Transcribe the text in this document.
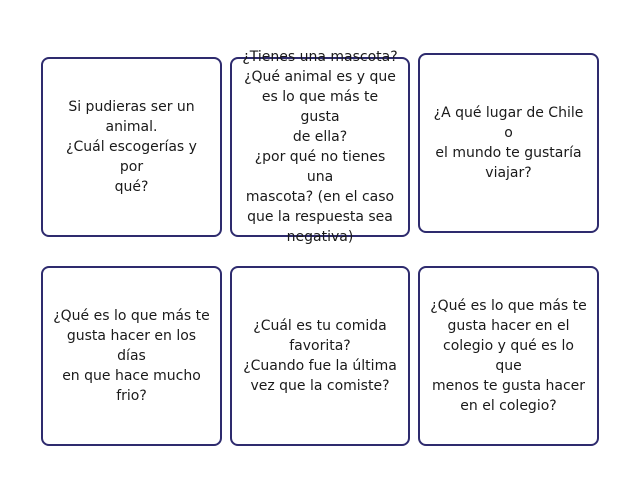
Si pudieras ser un
animal.
¿Cuál escogerías y por
qué?
¿Tienes una mascota?
¿Qué animal es y que
es lo que más te gusta
de ella?
¿por qué no tienes una
mascota? (en el caso
que la respuesta sea
negativa)
¿A qué lugar de Chile o
el mundo te gustaría
viajar?
¿Qué es lo que más te
gusta hacer en los días
en que hace mucho
frio?
¿Cuál es tu comida
favorita?
¿Cuando fue la última
vez que la comiste?
¿Qué es lo que más te
gusta hacer en el
colegio y qué es lo que
menos te gusta hacer
en el colegio?
